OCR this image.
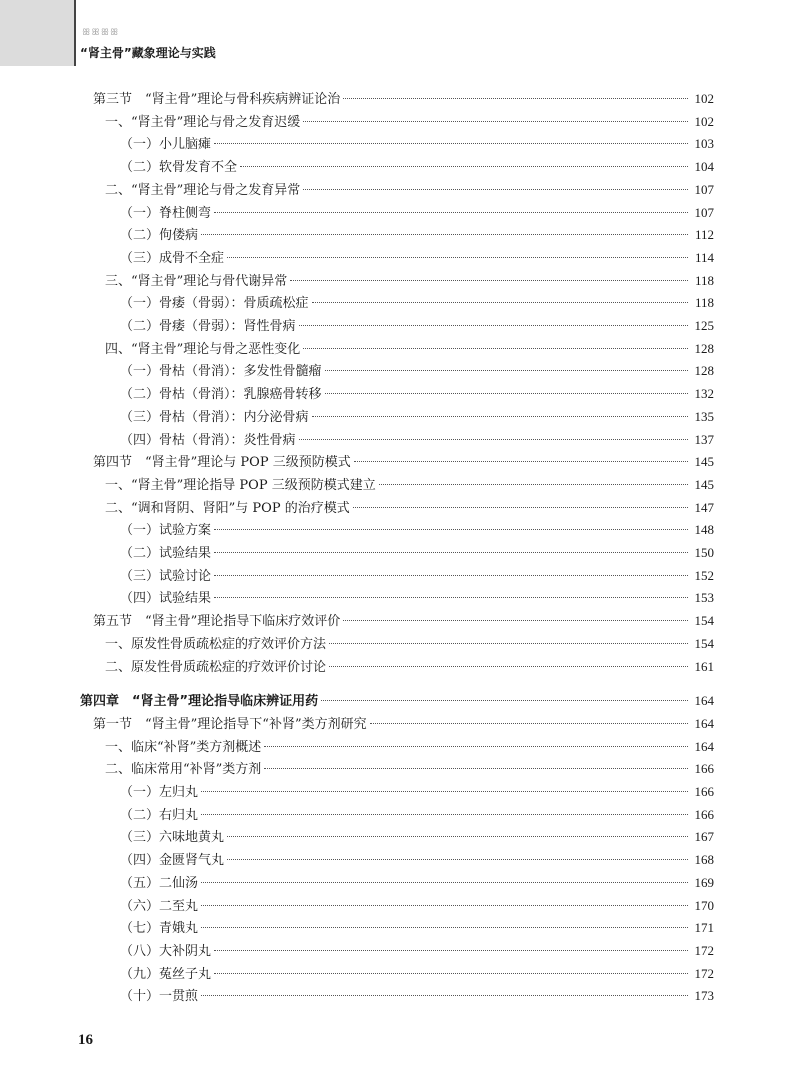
ꕥꕥꕥꕥ
“肾主骨”藏象理论与实践
第三节　“肾主骨”理论与骨科疾病辨证论治	102
一、“肾主骨”理论与骨之发育迟缓	102
（一）小儿脑瘫	103
（二）软骨发育不全	104
二、“肾主骨”理论与骨之发育异常	107
（一）脊柱侧弯	107
（二）佝偻病	112
（三）成骨不全症	114
三、“肾主骨”理论与骨代谢异常	118
（一）骨痿（骨弱）：骨质疏松症	118
（二）骨痿（骨弱）：肾性骨病	125
四、“肾主骨”理论与骨之恶性变化	128
（一）骨枯（骨消）：多发性骨髓瘤	128
（二）骨枯（骨消）：乳腺癌骨转移	132
（三）骨枯（骨消）：内分泌骨病	135
（四）骨枯（骨消）：炎性骨病	137
第四节　“肾主骨”理论与 POP 三级预防模式	145
一、“肾主骨”理论指导 POP 三级预防模式建立	145
二、“调和肾阴、肾阳”与 POP 的治疗模式	147
（一）试验方案	148
（二）试验结果	150
（三）试验讨论	152
（四）试验结果	153
第五节　“肾主骨”理论指导下临床疗效评价	154
一、原发性骨质疏松症的疗效评价方法	154
二、原发性骨质疏松症的疗效评价讨论	161
第四章　“肾主骨”理论指导临床辨证用药	164
第一节　“肾主骨”理论指导下“补肾”类方剂研究	164
一、临床“补肾”类方剂概述	164
二、临床常用“补肾”类方剂	166
（一）左归丸	166
（二）右归丸	166
（三）六味地黄丸	167
（四）金匮肾气丸	168
（五）二仙汤	169
（六）二至丸	170
（七）青娥丸	171
（八）大补阴丸	172
（九）菟丝子丸	172
（十）一贯煎	173
16
